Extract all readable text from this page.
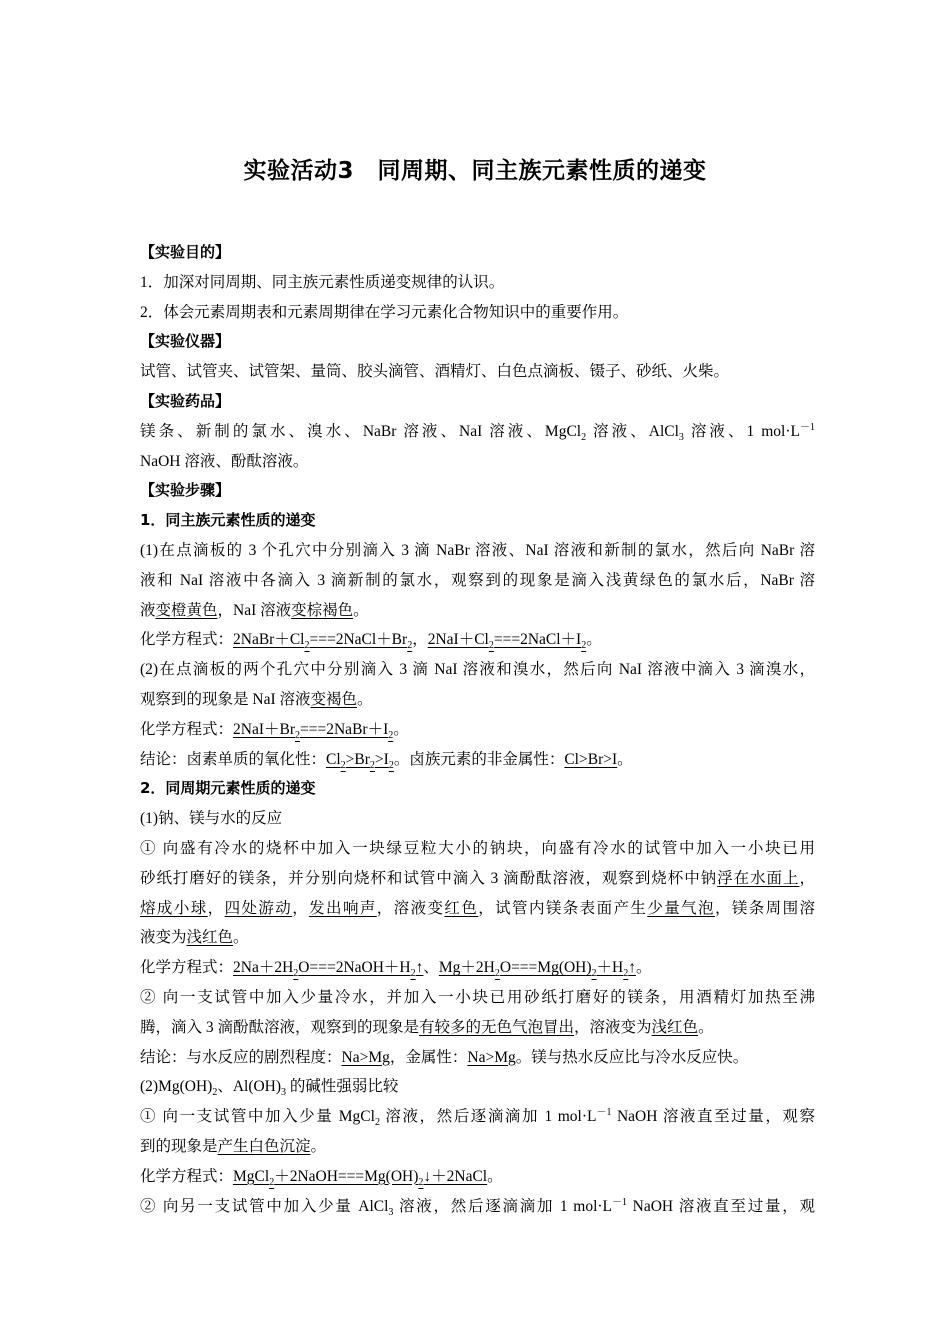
实验活动3　同周期、同主族元素性质的递变
【实验目的】
1．加深对同周期、同主族元素性质递变规律的认识。
2．体会元素周期表和元素周期律在学习元素化合物知识中的重要作用。
【实验仪器】
试管、试管夹、试管架、量筒、胶头滴管、酒精灯、白色点滴板、镊子、砂纸、火柴。
【实验药品】
镁条、新制的氯水、溴水、NaBr 溶液、NaI 溶液、MgCl$_2$ 溶液、AlCl$_3$ 溶液、1 $mol\cdot L^{-1}$
NaOH 溶液、酚酞溶液。
【实验步骤】
1．同主族元素性质的递变
(1)在点滴板的 3 个孔穴中分别滴入 3 滴 NaBr 溶液、NaI 溶液和新制的氯水，然后向 NaBr 溶
液和 NaI 溶液中各滴入 3 滴新制的氯水，观察到的现象是滴入浅黄绿色的氯水后，NaBr 溶
液变橙黄色，NaI 溶液变棕褐色。
化学方程式：$2NaBr+Cl_2===2NaCl+Br_2$，$2NaI+Cl_2===2NaCl+I_2$。
(2)在点滴板的两个孔穴中分别滴入 3 滴 NaI 溶液和溴水，然后向 NaI 溶液中滴入 3 滴溴水，
观察到的现象是 NaI 溶液变褐色。
化学方程式：$2NaI+Br_2===2NaBr+I_2$。
结论：卤素单质的氧化性：$Cl_2>Br_2>I_2$。卤族元素的非金属性：Cl>Br>I。
2．同周期元素性质的递变
(1)钠、镁与水的反应
① 向盛有冷水的烧杯中加入一块绿豆粒大小的钠块，向盛有冷水的试管中加入一小块已用
砂纸打磨好的镁条，并分别向烧杯和试管中滴入 3 滴酚酞溶液，观察到烧杯中钠浮在水面上，
熔成小球，四处游动，发出响声，溶液变红色，试管内镁条表面产生少量气泡，镁条周围溶
液变为浅红色。
化学方程式：$2Na+2H_2O===2NaOH+H_2↑$、$Mg+2H_2O===Mg(OH)_2+H_2↑$。
② 向一支试管中加入少量冷水，并加入一小块已用砂纸打磨好的镁条，用酒精灯加热至沸
腾，滴入 3 滴酚酞溶液，观察到的现象是有较多的无色气泡冒出，溶液变为浅红色。
结论：与水反应的剧烈程度：Na>Mg，金属性：Na>Mg。镁与热水反应比与冷水反应快。
$(2)Mg(OH)_2$、$Al(OH)_3$ 的碱性强弱比较
① 向一支试管中加入少量 MgCl$_2$ 溶液，然后逐滴滴加 1 $mol\cdot L^{-1}$ NaOH 溶液直至过量，观察
到的现象是产生白色沉淀。
化学方程式：$MgCl_2+2NaOH===Mg(OH)_2↓+2NaCl$。
② 向另一支试管中加入少量 AlCl$_3$ 溶液，然后逐滴滴加 1 $mol\cdot L^{-1}$ NaOH 溶液直至过量，观
